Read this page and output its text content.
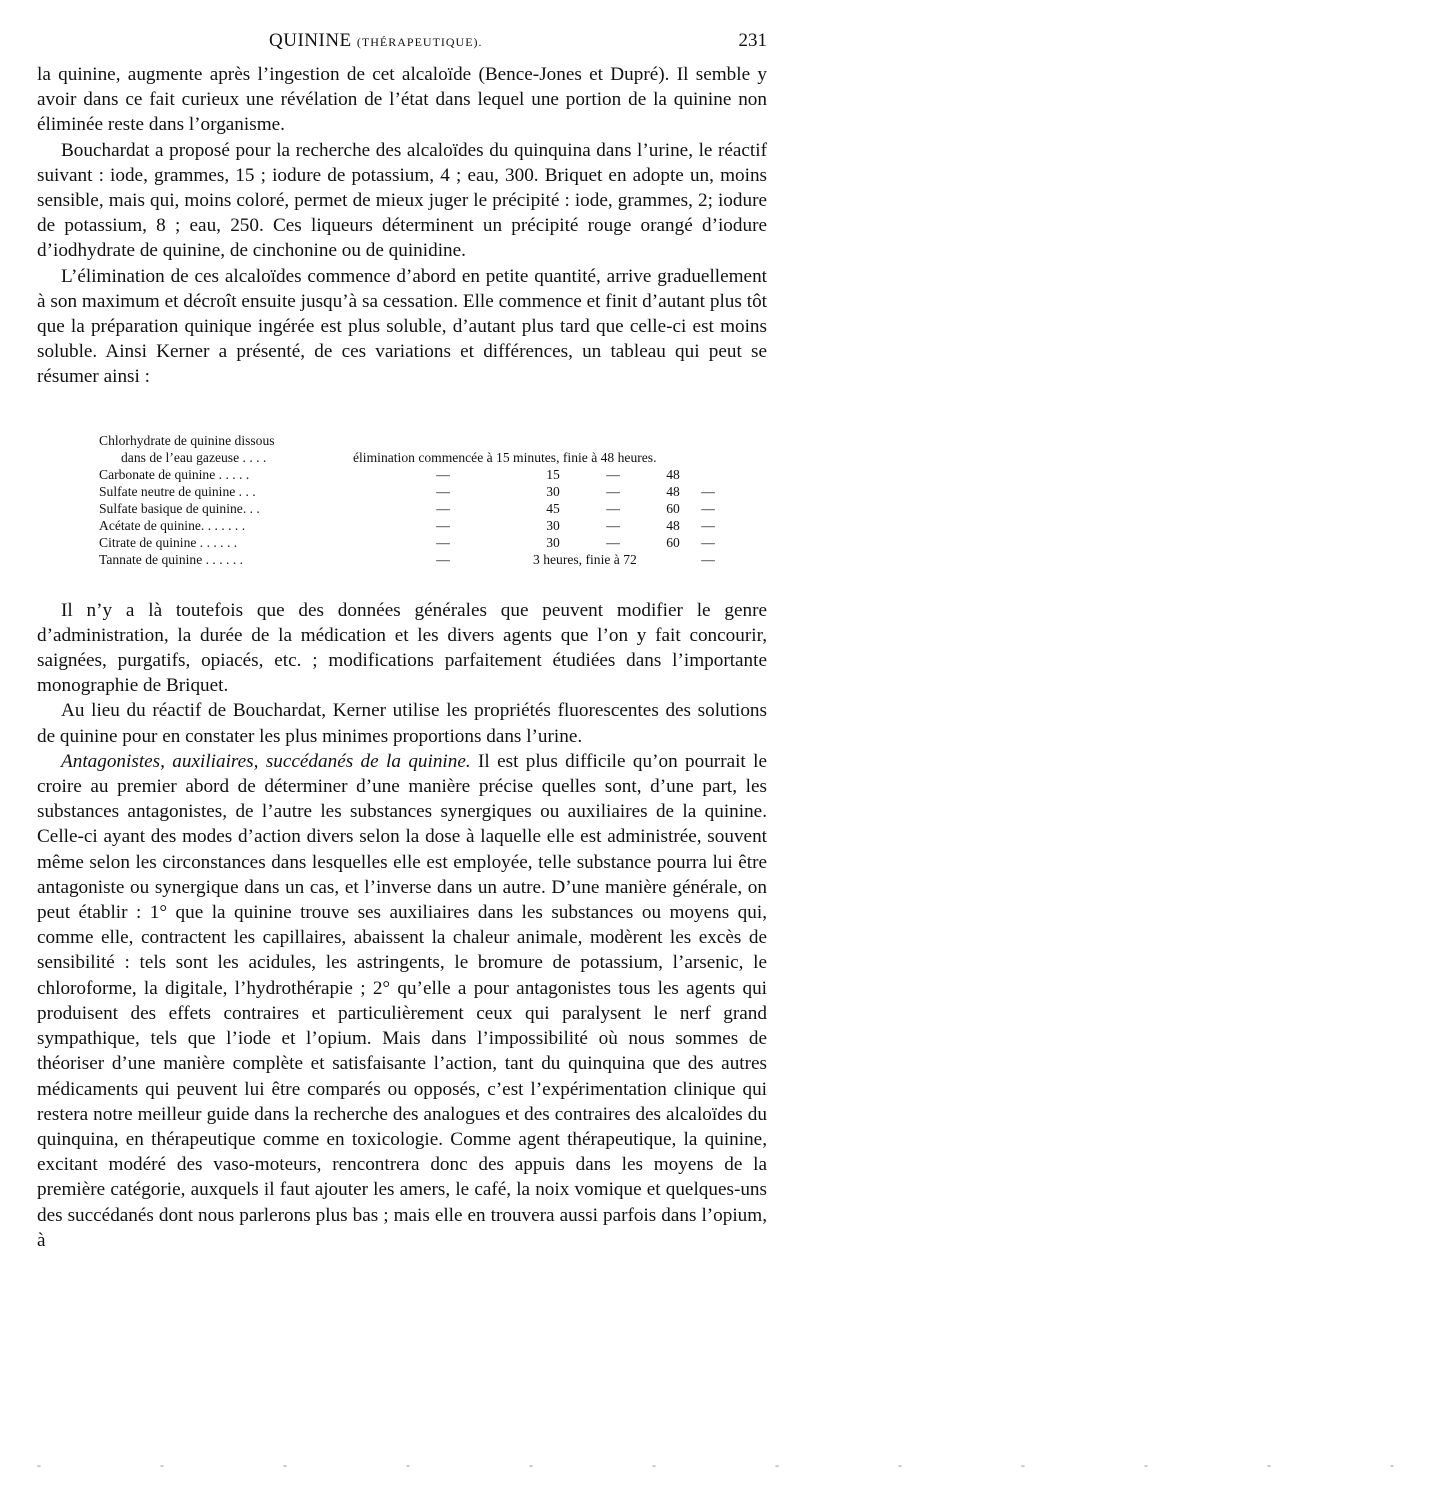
QUININE (THÉRAPEUTIQUE).	231

la quinine, augmente après l’ingestion de cet alcaloïde (Bence-Jones et Dupré). Il semble y avoir dans ce fait curieux une révélation de l’état dans lequel une portion de la quinine non éliminée reste dans l’organisme.

Bouchardat a proposé pour la recherche des alcaloïdes du quinquina dans l’urine, le réactif suivant : iode, grammes, 15 ; iodure de potassium, 4 ; eau, 300. Briquet en adopte un, moins sensible, mais qui, moins coloré, permet de mieux juger le précipité : iode, grammes, 2; iodure de potassium, 8 ; eau, 250. Ces liqueurs déterminent un précipité rouge orangé d’iodure d’iodhydrate de quinine, de cinchonine ou de quinidine.

L’élimination de ces alcaloïdes commence d’abord en petite quantité, arrive graduellement à son maximum et décroît ensuite jusqu’à sa cessation. Elle commence et finit d’autant plus tôt que la préparation quinique ingérée est plus soluble, d’autant plus tard que celle-ci est moins soluble. Ainsi Kerner a présenté, de ces variations et différences, un tableau qui peut se résumer ainsi :

Chlorhydrate de quinine dissous						
dans de l’eau gazeuse . . . .	élimination commencée à 15 minutes, finie à 48 heures.					
Carbonate de quinine . . . . .	—	15	—	48		
Sulfate neutre de quinine . . .	—	30	—	48	—	
Sulfate basique de quinine. . .	—	45	—	60	—	
Acétate de quinine. . . . . . .	—	30	—	48	—	
Citrate de quinine . . . . . .	—	30	—	60	—	
Tannate de quinine . . . . . .	—	3 heures, finie à 72			—	

Il n’y a là toutefois que des données générales que peuvent modifier le genre d’administration, la durée de la médication et les divers agents que l’on y fait concourir, saignées, purgatifs, opiacés, etc. ; modifications parfaitement étudiées dans l’importante monographie de Briquet.

Au lieu du réactif de Bouchardat, Kerner utilise les propriétés fluorescentes des solutions de quinine pour en constater les plus minimes proportions dans l’urine.

Antagonistes, auxiliaires, succédanés de la quinine. Il est plus difficile qu’on pourrait le croire au premier abord de déterminer d’une manière précise quelles sont, d’une part, les substances antagonistes, de l’autre les substances synergiques ou auxiliaires de la quinine. Celle-ci ayant des modes d’action divers selon la dose à laquelle elle est administrée, souvent même selon les circonstances dans lesquelles elle est employée, telle substance pourra lui être antagoniste ou synergique dans un cas, et l’inverse dans un autre. D’une manière générale, on peut établir : 1° que la quinine trouve ses auxiliaires dans les substances ou moyens qui, comme elle, contractent les capillaires, abaissent la chaleur animale, modèrent les excès de sensibilité : tels sont les acidules, les astringents, le bromure de potassium, l’arsenic, le chloroforme, la digitale, l’hydrothérapie ; 2° qu’elle a pour antagonistes tous les agents qui produisent des effets contraires et particulièrement ceux qui paralysent le nerf grand sympathique, tels que l’iode et l’opium. Mais dans l’impossibilité où nous sommes de théoriser d’une manière complète et satisfaisante l’action, tant du quinquina que des autres médicaments qui peuvent lui être comparés ou opposés, c’est l’expérimentation clinique qui restera notre meilleur guide dans la recherche des analogues et des contraires des alcaloïdes du quinquina, en thérapeutique comme en toxicologie. Comme agent thérapeutique, la quinine, excitant modéré des vaso-moteurs, rencontrera donc des appuis dans les moyens de la première catégorie, auxquels il faut ajouter les amers, le café, la noix vomique et quelques-uns des succédanés dont nous parlerons plus bas ; mais elle en trouvera aussi parfois dans l’opium, à

- - - - - - - - - - - -
